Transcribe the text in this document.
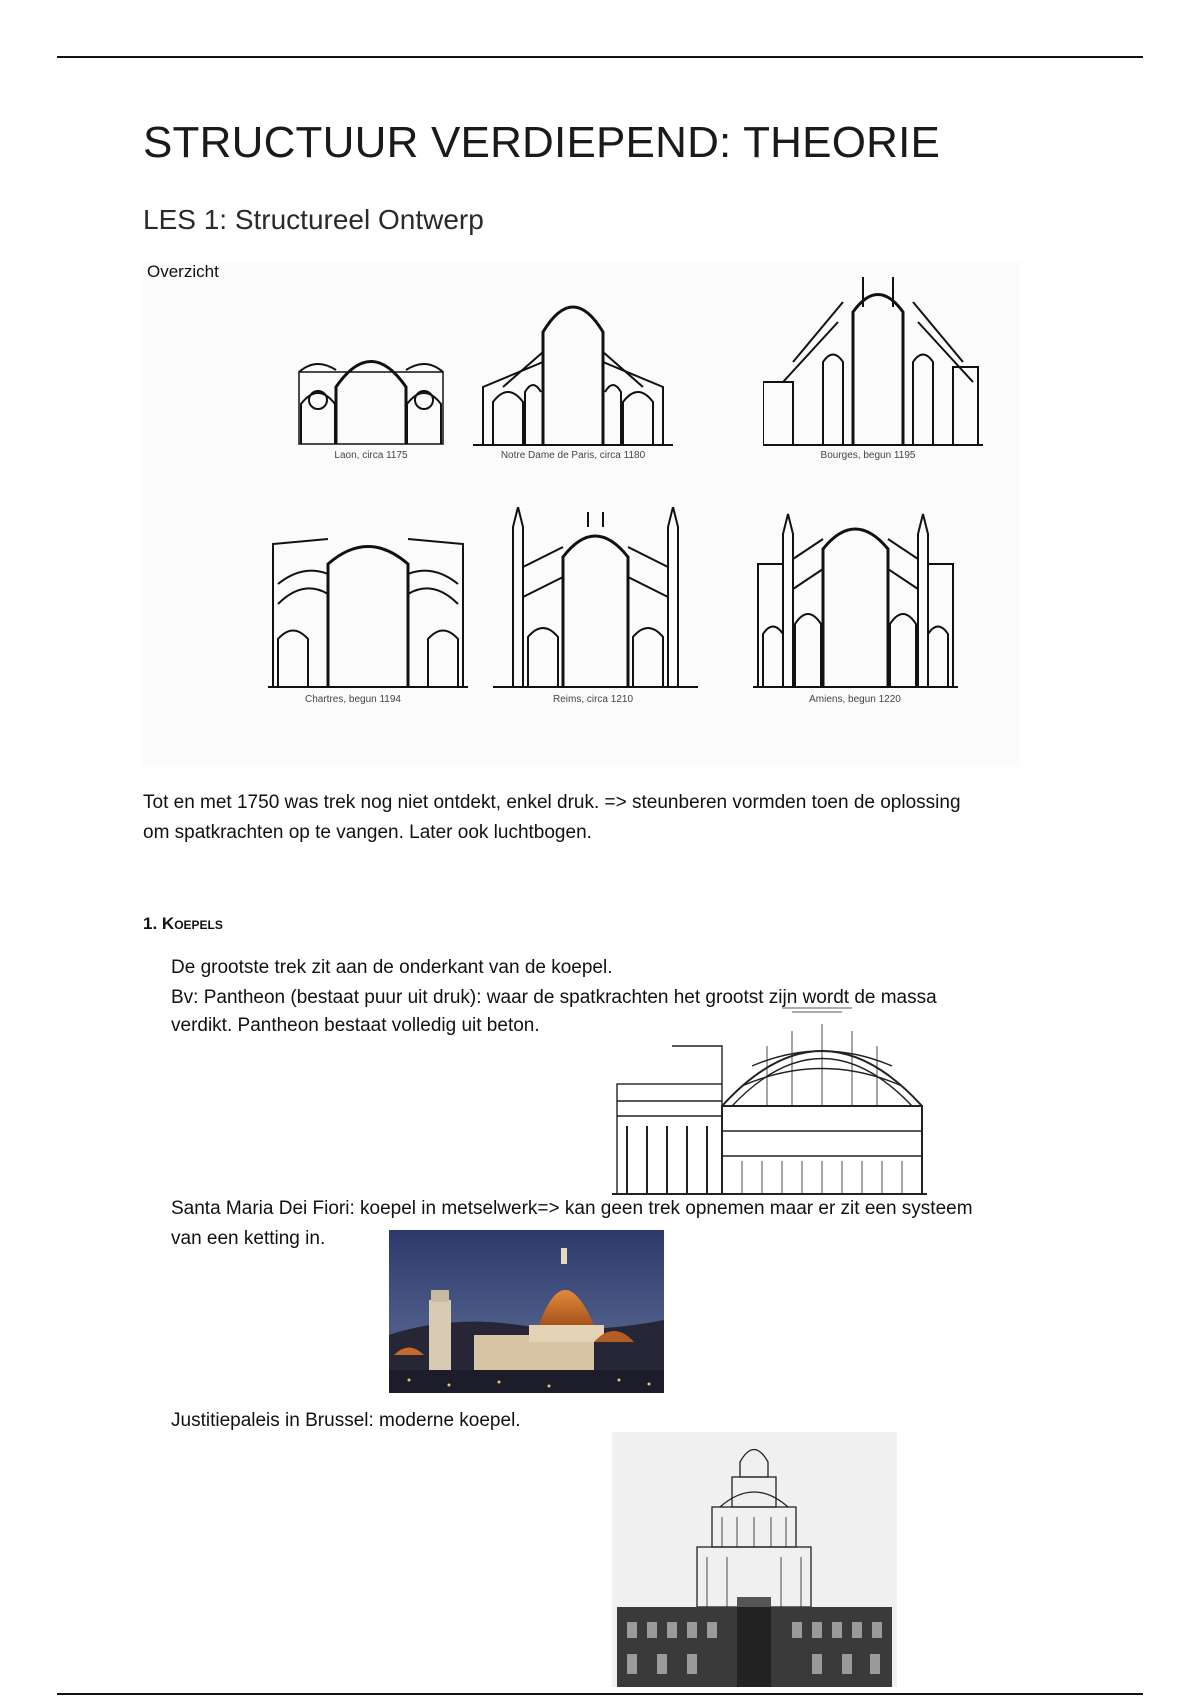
STRUCTUUR VERDIEPEND: THEORIE
LES 1: Structureel Ontwerp
Overzicht
Laon, circa 1175	Notre Dame de Paris, circa 1180	Bourges, begun 1195
Chartres, begun 1194	Reims, circa 1210	Amiens, begun 1220

Tot en met 1750 was trek nog niet ontdekt, enkel druk. => steunberen vormden toen de oplossing

om spatkrachten op te vangen. Later ook luchtbogen.

1. Koepels

De grootste trek zit aan de onderkant van de koepel.

Bv: Pantheon (bestaat puur uit druk): waar de spatkrachten het grootst zijn wordt de massa

verdikt. Pantheon bestaat volledig uit beton.

Santa Maria Dei Fiori: koepel in metselwerk=> kan geen trek opnemen maar er zit een systeem

van een ketting in.

Justitiepaleis in Brussel: moderne koepel.
